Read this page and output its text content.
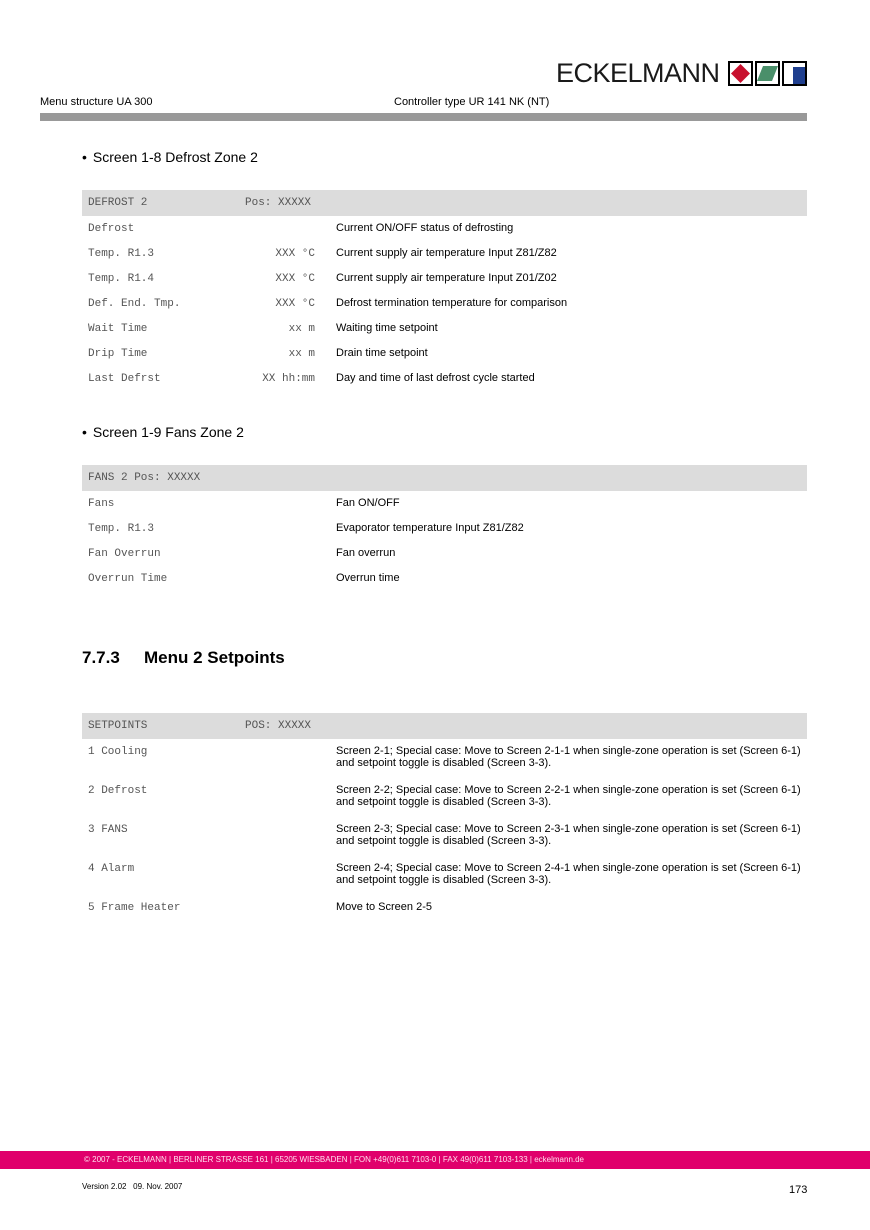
ECKELMANN
Menu structure UA 300	Controller type UR 141 NK (NT)
• Screen 1-8 Defrost Zone 2
DEFROST 2	Pos: XXXXX
Defrost	Current ON/OFF status of defrosting
Temp. R1.3	XXX °C Current supply air temperature Input Z81/Z82
Temp. R1.4	XXX °C Current supply air temperature Input Z01/Z02
Def. End. Tmp.	XXX °C Defrost termination temperature for comparison
Wait Time	xx m Waiting time setpoint
Drip Time	xx m Drain time setpoint
Last Defrst	XX hh:mm Day and time of last defrost cycle started
• Screen 1-9 Fans Zone 2
FANS 2 Pos: XXXXX
Fans	Fan ON/OFF
Temp. R1.3	Evaporator temperature Input Z81/Z82
Fan Overrun	Fan overrun
Overrun Time	Overrun time
7.7.3 Menu 2 Setpoints
SETPOINTS	POS: XXXXX
1 Cooling	Screen 2-1; Special case: Move to Screen 2-1-1 when single-zone operation is set (Screen 6-1) and setpoint toggle is disabled (Screen 3-3).
2 Defrost	Screen 2-2; Special case: Move to Screen 2-2-1 when single-zone operation is set (Screen 6-1) and setpoint toggle is disabled (Screen 3-3).
3 FANS	Screen 2-3; Special case: Move to Screen 2-3-1 when single-zone operation is set (Screen 6-1) and setpoint toggle is disabled (Screen 3-3).
4 Alarm	Screen 2-4; Special case: Move to Screen 2-4-1 when single-zone operation is set (Screen 6-1) and setpoint toggle is disabled (Screen 3-3).
5 Frame Heater	Move to Screen 2-5
© 2007 - ECKELMANN | BERLINER STRASSE 161 | 65205 WIESBADEN | FON +49(0)611 7103-0 | FAX 49(0)611 7103-133 | eckelmann.de
Version 2.02   09. Nov. 2007	173
